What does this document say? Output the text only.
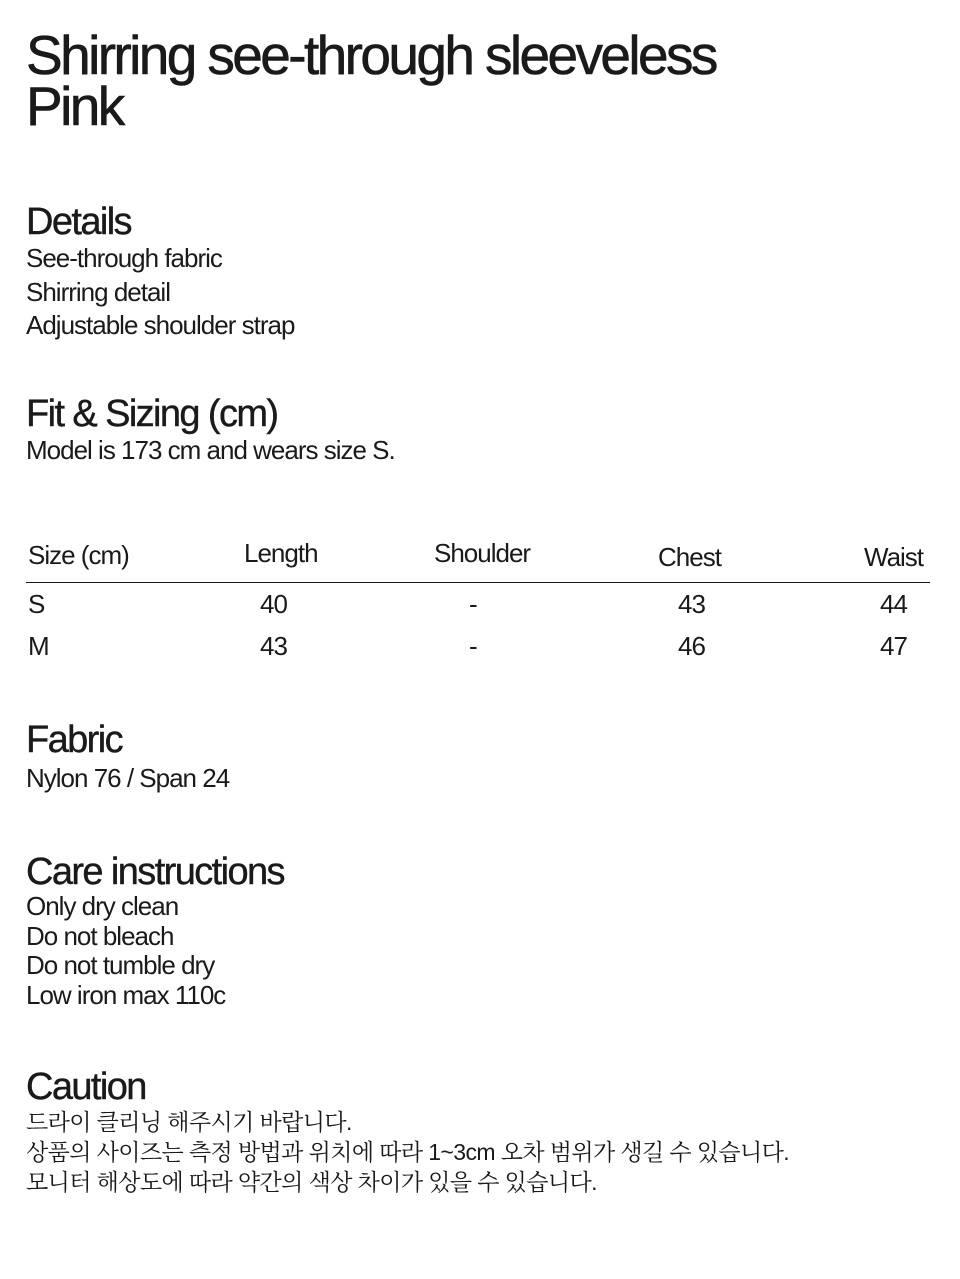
Shirring see-through sleeveless

Pink

Details

See-through fabric

Shirring detail

Adjustable shoulder strap

Fit & Sizing (cm)

Model is 173 cm and wears size S.

Size (cm)	Length	Shoulder	Chest	Waist
S	40	-	43	44
M	43	-	46	47

Fabric

Nylon 76 / Span 24

Care instructions

Only dry clean

Do not bleach

Do not tumble dry

Low iron max 110c

Caution

드라이 클리닝 해주시기 바랍니다.

상품의 사이즈는 측정 방법과 위치에 따라 1~3cm 오차 범위가 생길 수 있습니다.

모니터 해상도에 따라 약간의 색상 차이가 있을 수 있습니다.
